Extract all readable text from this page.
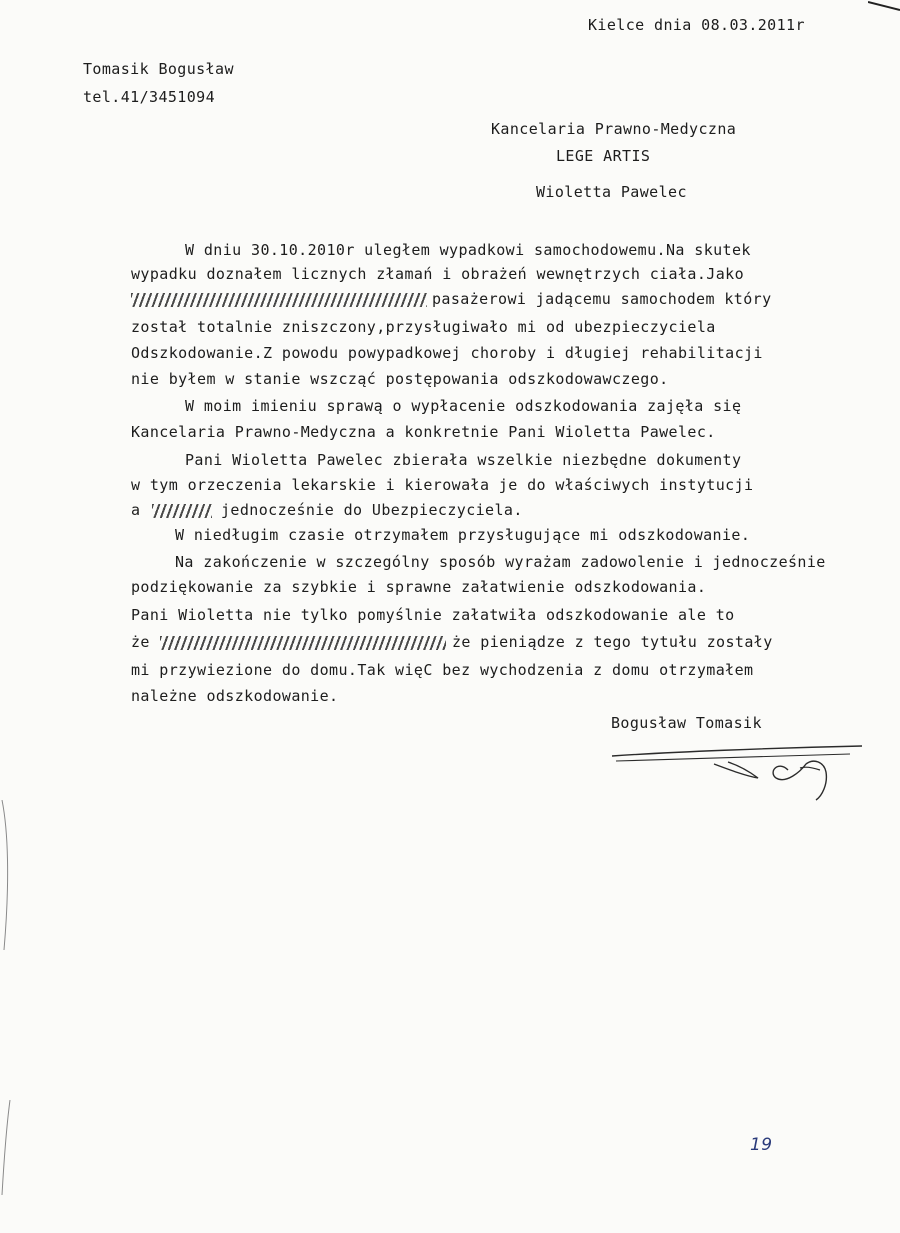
Kielce dnia 08.03.2011r
Tomasik Bogusław
tel.41/3451094
Kancelaria Prawno-Medyczna
LEGE ARTIS
Wioletta Pawelec
W dniu 30.10.2010r uległem wypadkowi samochodowemu.Na skutek
wypadku doznałem licznych złamań i obrażeń wewnętrzych ciała.Jako
pasażerowi jadącemu samochodem który
został totalnie zniszczony,przysługiwało mi od ubezpieczyciela
Odszkodowanie.Z powodu powypadkowej choroby i długiej rehabilitacji
nie byłem w stanie wszcząć postępowania odszkodowawczego.
W moim imieniu sprawą o wypłacenie odszkodowania zajęła się
Kancelaria Prawno-Medyczna a konkretnie Pani Wioletta Pawelec.
Pani Wioletta Pawelec zbierała wszelkie niezbędne dokumenty
w tym orzeczenia lekarskie i kierowała je do właściwych instytucji
a	jednocześnie do Ubezpieczyciela.
W niedługim czasie otrzymałem przysługujące mi odszkodowanie.
Na zakończenie w szczególny sposób wyrażam zadowolenie i jednocześnie
podziękowanie za szybkie i sprawne załatwienie odszkodowania.
Pani Wioletta nie tylko pomyślnie załatwiła odszkodowanie ale to
że	że pieniądze z tego tytułu zostały
mi przywiezione do domu.Tak więC bez wychodzenia z domu otrzymałem
należne odszkodowanie.
Bogusław Tomasik
19
